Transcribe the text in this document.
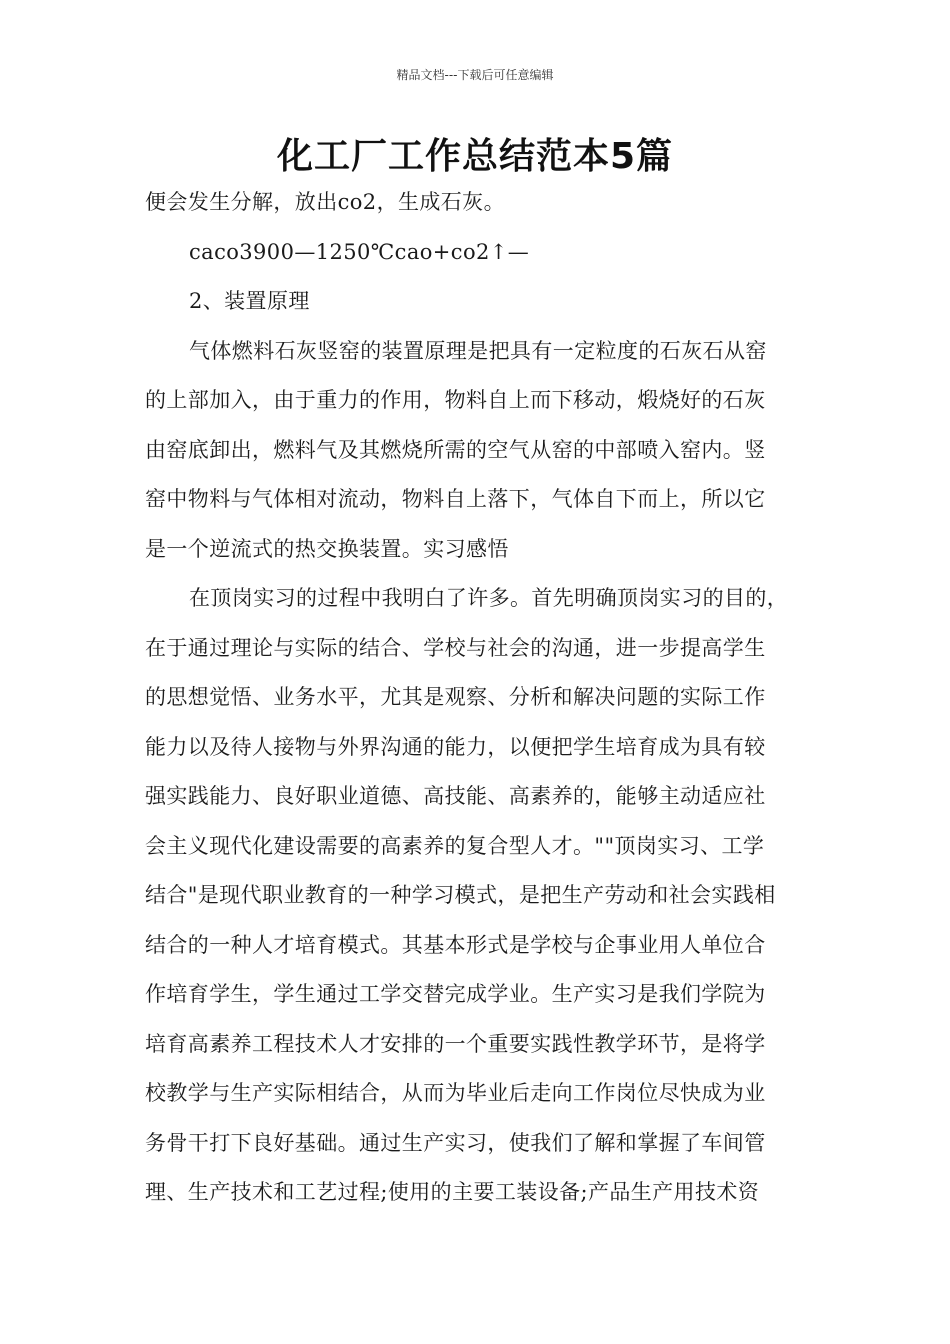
精品文档---下载后可任意编辑
化工厂工作总结范本5篇
便会发生分解，放出co2，生成石灰。
caco3900—1250℃cao+co2↑—
2、装置原理
气体燃料石灰竖窑的装置原理是把具有一定粒度的石灰石从窑
的上部加入，由于重力的作用，物料自上而下移动，煅烧好的石灰
由窑底卸出，燃料气及其燃烧所需的空气从窑的中部喷入窑内。竖
窑中物料与气体相对流动，物料自上落下，气体自下而上，所以它
是一个逆流式的热交换装置。实习感悟
在顶岗实习的过程中我明白了许多。首先明确顶岗实习的目的，
在于通过理论与实际的结合、学校与社会的沟通，进一步提高学生
的思想觉悟、业务水平，尤其是观察、分析和解决问题的实际工作
能力以及待人接物与外界沟通的能力，以便把学生培育成为具有较
强实践能力、良好职业道德、高技能、高素养的，能够主动适应社
会主义现代化建设需要的高素养的复合型人才。""顶岗实习、工学
结合"是现代职业教育的一种学习模式，是把生产劳动和社会实践相
结合的一种人才培育模式。其基本形式是学校与企事业用人单位合
作培育学生，学生通过工学交替完成学业。生产实习是我们学院为
培育高素养工程技术人才安排的一个重要实践性教学环节，是将学
校教学与生产实际相结合，从而为毕业后走向工作岗位尽快成为业
务骨干打下良好基础。通过生产实习，使我们了解和掌握了车间管
理、生产技术和工艺过程;使用的主要工装设备;产品生产用技术资
